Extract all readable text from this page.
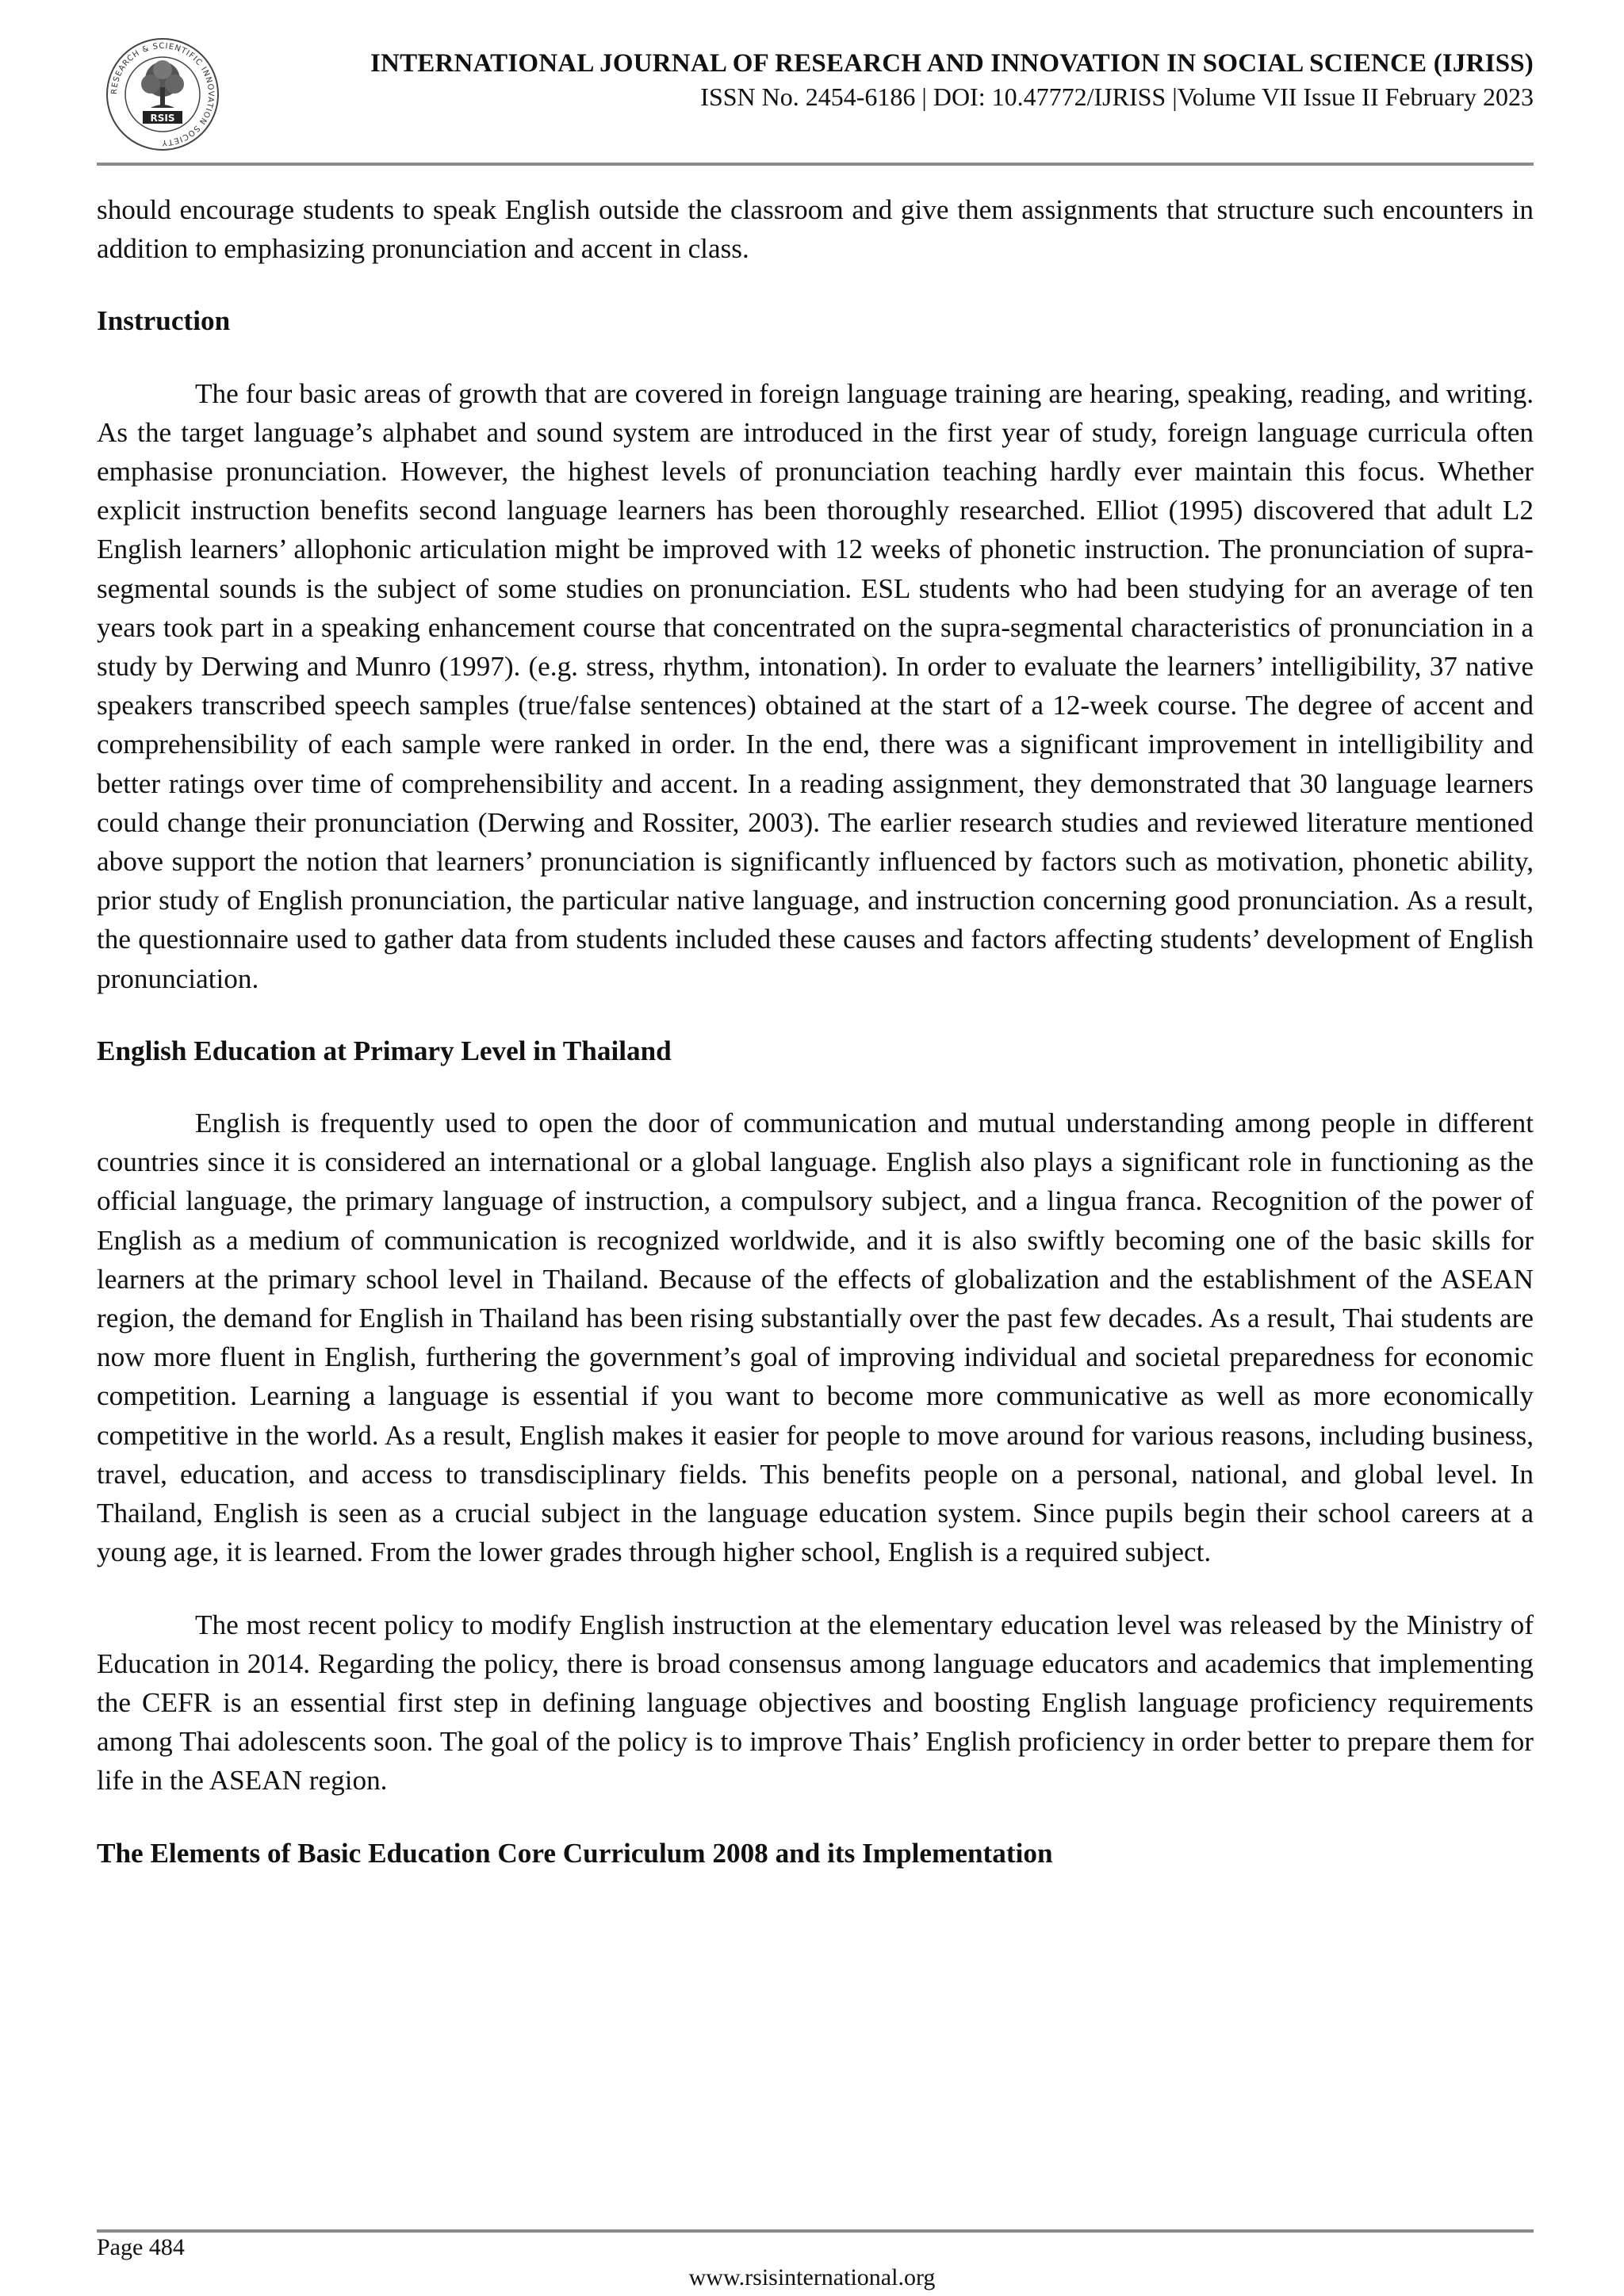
RESEARCH & SCIENTIFIC INNOVATION SOCIETY
RSIS
INTERNATIONAL JOURNAL OF RESEARCH AND INNOVATION IN SOCIAL SCIENCE (IJRISS)
ISSN No. 2454-6186 | DOI: 10.47772/IJRISS |Volume VII Issue II February 2023

should encourage students to speak English outside the classroom and give them assignments that structure such encounters in addition to emphasizing pronunciation and accent in class.

Instruction

The four basic areas of growth that are covered in foreign language training are hearing, speaking, reading, and writing. As the target language’s alphabet and sound system are introduced in the first year of study, foreign language curricula often emphasise pronunciation. However, the highest levels of pronunciation teaching hardly ever maintain this focus. Whether explicit instruction benefits second language learners has been thoroughly researched. Elliot (1995) discovered that adult L2 English learners’ allophonic articulation might be improved with 12 weeks of phonetic instruction. The pronunciation of supra-segmental sounds is the subject of some studies on pronunciation. ESL students who had been studying for an average of ten years took part in a speaking enhancement course that concentrated on the supra-segmental characteristics of pronunciation in a study by Derwing and Munro (1997). (e.g. stress, rhythm, intonation). In order to evaluate the learners’ intelligibility, 37 native speakers transcribed speech samples (true/false sentences) obtained at the start of a 12-week course. The degree of accent and comprehensibility of each sample were ranked in order. In the end, there was a significant improvement in intelligibility and better ratings over time of comprehensibility and accent. In a reading assignment, they demonstrated that 30 language learners could change their pronunciation (Derwing and Rossiter, 2003). The earlier research studies and reviewed literature mentioned above support the notion that learners’ pronunciation is significantly influenced by factors such as motivation, phonetic ability, prior study of English pronunciation, the particular native language, and instruction concerning good pronunciation. As a result, the questionnaire used to gather data from students included these causes and factors affecting students’ development of English pronunciation.

English Education at Primary Level in Thailand

English is frequently used to open the door of communication and mutual understanding among people in different countries since it is considered an international or a global language. English also plays a significant role in functioning as the official language, the primary language of instruction, a compulsory subject, and a lingua franca. Recognition of the power of English as a medium of communication is recognized worldwide, and it is also swiftly becoming one of the basic skills for learners at the primary school level in Thailand. Because of the effects of globalization and the establishment of the ASEAN region, the demand for English in Thailand has been rising substantially over the past few decades. As a result, Thai students are now more fluent in English, furthering the government’s goal of improving individual and societal preparedness for economic competition. Learning a language is essential if you want to become more communicative as well as more economically competitive in the world. As a result, English makes it easier for people to move around for various reasons, including business, travel, education, and access to transdisciplinary fields. This benefits people on a personal, national, and global level. In Thailand, English is seen as a crucial subject in the language education system. Since pupils begin their school careers at a young age, it is learned. From the lower grades through higher school, English is a required subject.

The most recent policy to modify English instruction at the elementary education level was released by the Ministry of Education in 2014. Regarding the policy, there is broad consensus among language educators and academics that implementing the CEFR is an essential first step in defining language objectives and boosting English language proficiency requirements among Thai adolescents soon. The goal of the policy is to improve Thais’ English proficiency in order better to prepare them for life in the ASEAN region.

The Elements of Basic Education Core Curriculum 2008 and its Implementation
Page 484
www.rsisinternational.org
